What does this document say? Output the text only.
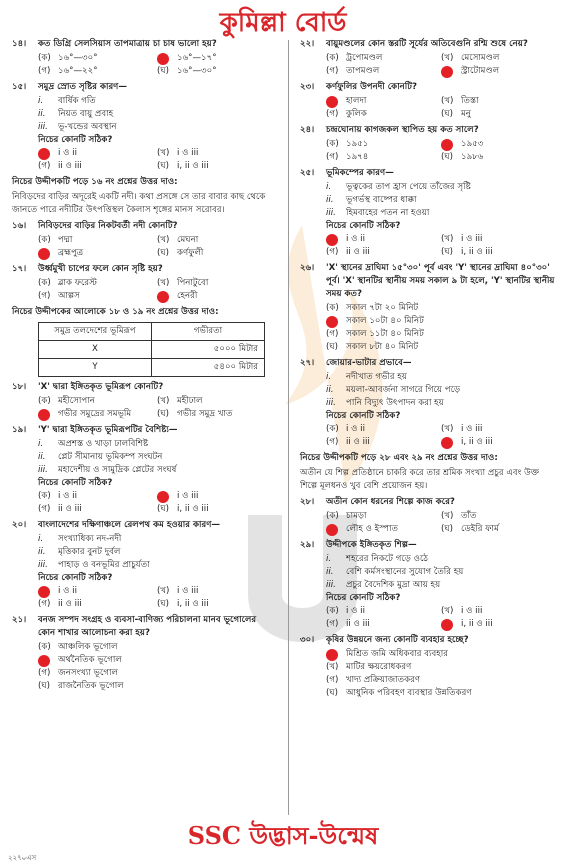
কুমিল্লা বোর্ড
১৪।	কত ডিগ্রি সেলসিয়াস তাপমাত্রায় চা চাষ ভালো হয়?
(ক) ১৬°—৩০°	১৬°—১৭°
(গ) ১৬°—২২°	(ঘ) ১৬°—৩০°
১৫।	সমুদ্র স্রোত সৃষ্টির কারণ—
i.	বার্ষিক গতি
ii.	নিয়ত বায়ু প্রবাহ
iii.	ভূ-খন্ডের অবস্থান
নিচের কোনটি সঠিক?
i ও ii	(খ) i ও iii
(গ) ii ও iii	(ঘ) i, ii ও iii
নিচের উদ্দীপকটি পড়ে ১৬ নং প্রশ্নের উত্তর দাও:
নিবিড়দের বাড়ির অদূরেই একটি নদী। কথা প্রসঙ্গে সে তার বাবার কাছ থেকে জানতে পারে নদীটির উৎপত্তিস্থল কৈলাস শৃঙ্গের মানস সরোবর।
১৬।	নিবিড়দের বাড়ির নিকটবর্তী নদী কোনটি?
(ক) পদ্মা	(খ) মেঘনা
ব্রহ্মপুত্র	(ঘ) কর্ণফুলী
১৭।	উর্ধ্বমুখী চাপের ফলে কোন সৃষ্টি হয়?
(ক) ব্লাক ফরেস্ট	(খ) পিনাটুবো
(গ) আল্পস	হেনরী
নিচের উদ্দীপকের আলোকে ১৮ ও ১৯ নং প্রশ্নের উত্তর দাও:
সমুদ্র তলদেশের ভূমিরূপ	গভীরতা
X	৫০০০ মিটার
Y	৫৪০০ মিটার
১৮।	'X' দ্বারা ইঙ্গিতকৃত ভূমিরূপ কোনটি?
(ক) মহীসোপান	(খ) মহীঢাল
গভীর সমুদ্রের সমভূমি	(ঘ) গভীর সমুদ্র খাত
১৯।	'Y' দ্বারা ইঙ্গিতকৃত ভূমিরূপটির বৈশিষ্ট্য—
i.	অপ্রশস্ত ও খাড়া ঢালবিশিষ্ট
ii.	প্লেট সীমানায় ভূমিকম্প সংঘটন
iii.	মহাদেশীয় ও সামুদ্রিক প্লেটের সংঘর্ষ
নিচের কোনটি সঠিক?
(ক) i ও ii	i ও iii
(গ) ii ও iii	(ঘ) i, ii ও iii
২০।	বাংলাদেশের দক্ষিণাঞ্চলে রেলপথ কম হওয়ার কারণ—
i.	সংখ্যাধিক্য নদ-নদী
ii.	মৃত্তিকার বুনট দুর্বল
iii.	পাহাড় ও বনভূমির প্রাচুর্যতা
নিচের কোনটি সঠিক?
i ও ii	(খ) i ও iii
(গ) ii ও iii	(ঘ) i, ii ও iii
২১।	বনজ সম্পদ সংগ্রহ ও ব্যবসা-বাণিজ্য পরিচালনা মানব ভূগোলের কোন শাখার আলোচনা করা হয়?
(ক) আঞ্চলিক ভূগোল
অর্থনৈতিক ভূগোল
(গ) জনসংখ্যা ভূগোল
(ঘ) রাজনৈতিক ভূগোল
২২।	বায়ুমণ্ডলের কোন স্তরটি সূর্যের অতিবেগুনি রশ্মি শুষে নেয়?
(ক) ট্রপোমণ্ডল	(খ) মেসোমণ্ডল
(গ) তাপমণ্ডল	স্ট্রাটোমণ্ডল
২৩।	কর্ণফুলির উপনদী কোনটি?
হালদা	(খ) তিস্তা
(গ) কুলিক	(ঘ) মনু
২৪।	চন্দ্রঘোনায় কাগজকল স্থাপিত হয় কত সালে?
(ক) ১৯৫১	১৯৫৩
(গ) ১৯৭৪	(ঘ) ১৯৮৬
২৫।	ভূমিকম্পের কারণ—
i.	ভূত্বকের তাপ হ্রাস পেয়ে তাঁজের সৃষ্টি
ii.	ভূগর্ভস্থ বাষ্পের ধাক্কা
iii.	হিমবাহের পতন না হওয়া
নিচের কোনটি সঠিক?
i ও ii	(খ) i ও iii
(গ) ii ও iii	(ঘ) i, ii ও iii
২৬।	'X' স্থানের দ্রাঘিমা ১৫°৩০' পূর্ব এবং 'Y' স্থানের দ্রাঘিমা ৪০°৩০' পূর্ব। 'X' স্থানটির স্থানীয় সময় সকাল ৯ টা হলে, 'Y' স্থানটির স্থানীয় সময় কত?
(ক) সকাল ৭টা ২০ মিনিট
সকাল ১০টা ৪০ মিনিট
(গ) সকাল ১১টা ৪০ মিনিট
(ঘ) সকাল ৮টা ৪০ মিনিট
২৭।	জোয়ার-ভাটার প্রভাবে—
i.	নদীখাত গভীর হয়
ii.	ময়লা-আবর্জনা সাগরে গিয়ে পড়ে
iii.	পানি বিদ্যুৎ উৎপাদন করা হয়
নিচের কোনটি সঠিক?
(ক) i ও ii	(খ) i ও iii
(গ) ii ও iii	i, ii ও iii
নিচের উদ্দীপকটি পড়ে ২৮ এবং ২৯ নং প্রশ্নের উত্তর দাও:
অতীন যে শিল্প প্রতিষ্ঠানে চাকরি করে তার শ্রমিক সংখ্যা প্রচুর এবং উক্ত শিল্পে মূলধনও খুব বেশি প্রয়োজন হয়।
২৮।	অতীন কোন ধরনের শিল্পে কাজ করে?
(ক) চামড়া	(খ) তাঁত
লৌহ ও ইস্পাত	(ঘ) ডেইরি ফার্ম
২৯।	উদ্দীপকে ইঙ্গিতকৃত শিল্প—
i.	শহরের নিকটে গড়ে ওঠে
ii.	বেশি কর্মসংস্থানের সুযোগ তৈরি হয়
iii.	প্রচুর বৈদেশিক মুদ্রা আয় হয়
নিচের কোনটি সঠিক?
(ক) i ও ii	(খ) i ও iii
(গ) ii ও iii	i, ii ও iii
৩০।	কৃষির উন্নয়নে জন্য কোনটি ব্যবহার হচ্ছে?
মিশ্রিত জমি অধিকবার ব্যবহার
(খ) মাটির ক্ষয়রোধকরণ
(গ) খাদ্য প্রক্রিয়াজাতকরণ
(ঘ) আধুনিক পরিবহণ ব্যবস্থার উন্নতিকরণ
SSC উদ্ভাস-উন্মেষ
২২৭০এস
